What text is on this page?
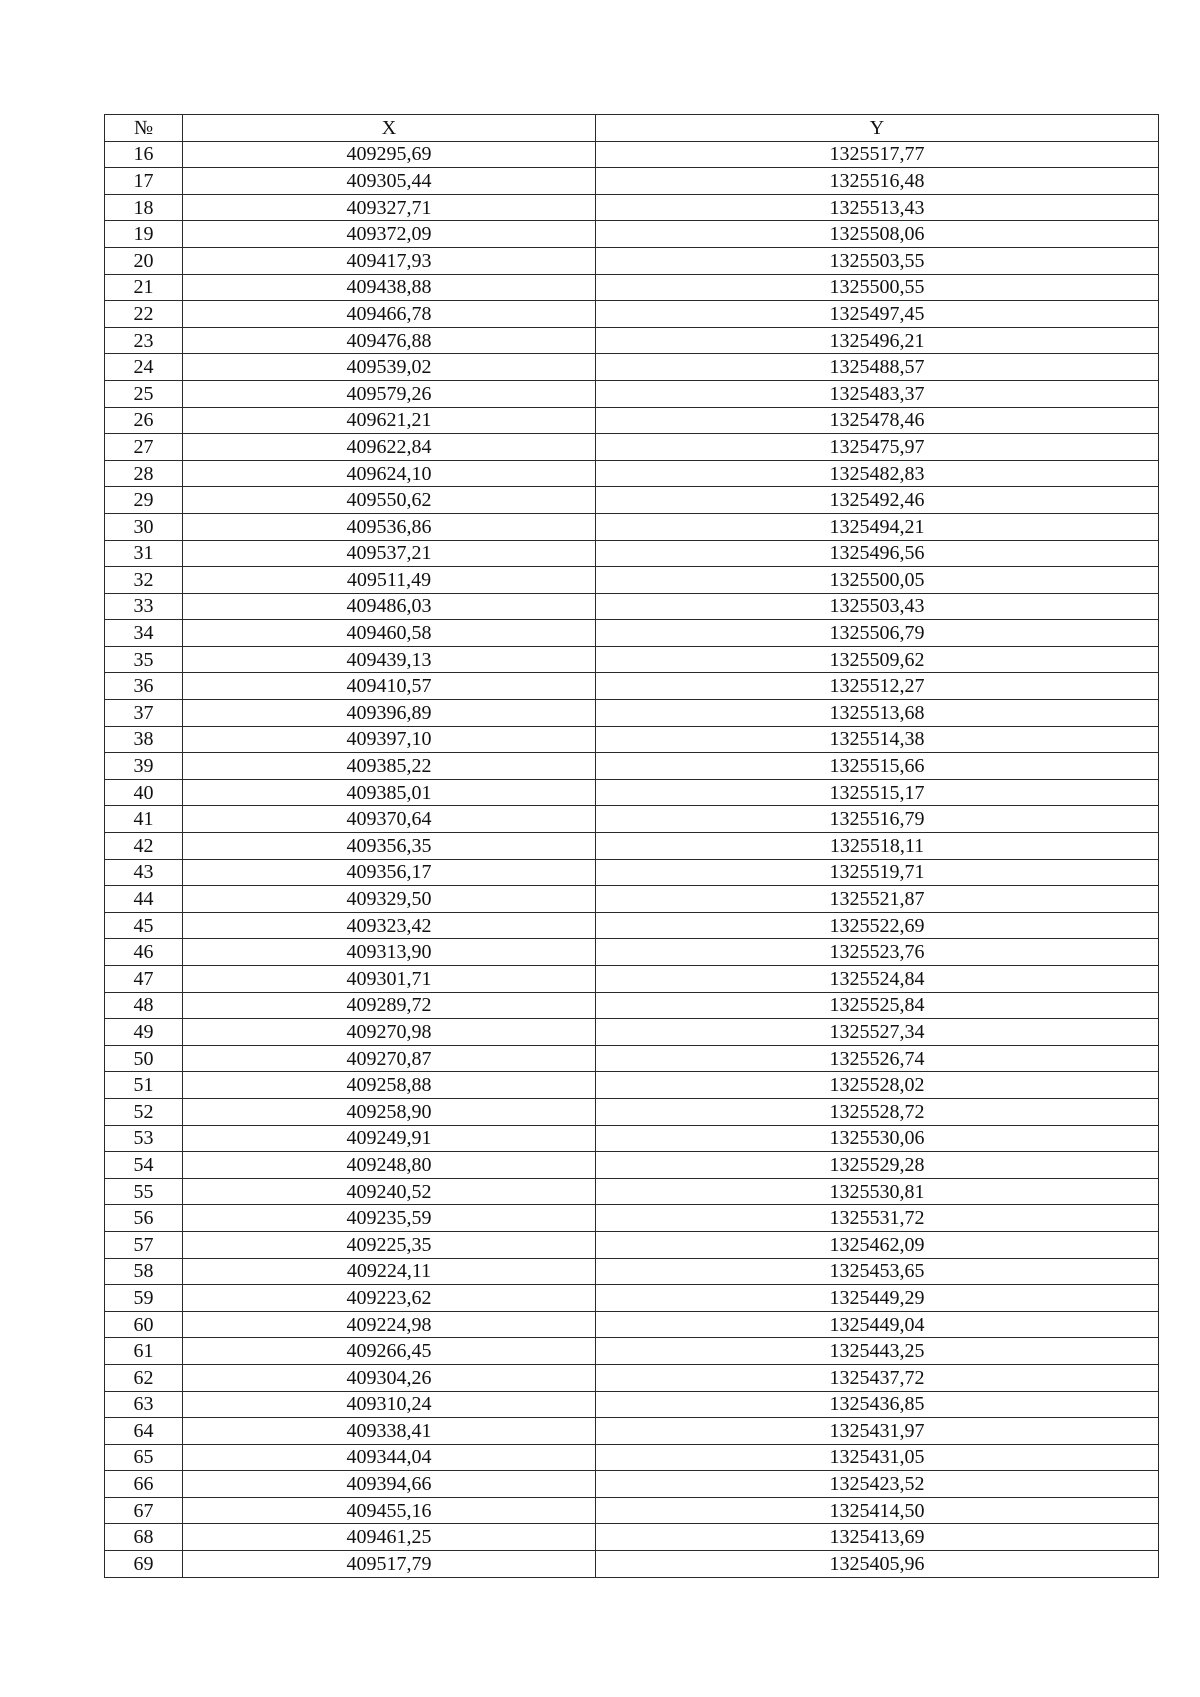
№	X	Y
16	409295,69	1325517,77
17	409305,44	1325516,48
18	409327,71	1325513,43
19	409372,09	1325508,06
20	409417,93	1325503,55
21	409438,88	1325500,55
22	409466,78	1325497,45
23	409476,88	1325496,21
24	409539,02	1325488,57
25	409579,26	1325483,37
26	409621,21	1325478,46
27	409622,84	1325475,97
28	409624,10	1325482,83
29	409550,62	1325492,46
30	409536,86	1325494,21
31	409537,21	1325496,56
32	409511,49	1325500,05
33	409486,03	1325503,43
34	409460,58	1325506,79
35	409439,13	1325509,62
36	409410,57	1325512,27
37	409396,89	1325513,68
38	409397,10	1325514,38
39	409385,22	1325515,66
40	409385,01	1325515,17
41	409370,64	1325516,79
42	409356,35	1325518,11
43	409356,17	1325519,71
44	409329,50	1325521,87
45	409323,42	1325522,69
46	409313,90	1325523,76
47	409301,71	1325524,84
48	409289,72	1325525,84
49	409270,98	1325527,34
50	409270,87	1325526,74
51	409258,88	1325528,02
52	409258,90	1325528,72
53	409249,91	1325530,06
54	409248,80	1325529,28
55	409240,52	1325530,81
56	409235,59	1325531,72
57	409225,35	1325462,09
58	409224,11	1325453,65
59	409223,62	1325449,29
60	409224,98	1325449,04
61	409266,45	1325443,25
62	409304,26	1325437,72
63	409310,24	1325436,85
64	409338,41	1325431,97
65	409344,04	1325431,05
66	409394,66	1325423,52
67	409455,16	1325414,50
68	409461,25	1325413,69
69	409517,79	1325405,96
